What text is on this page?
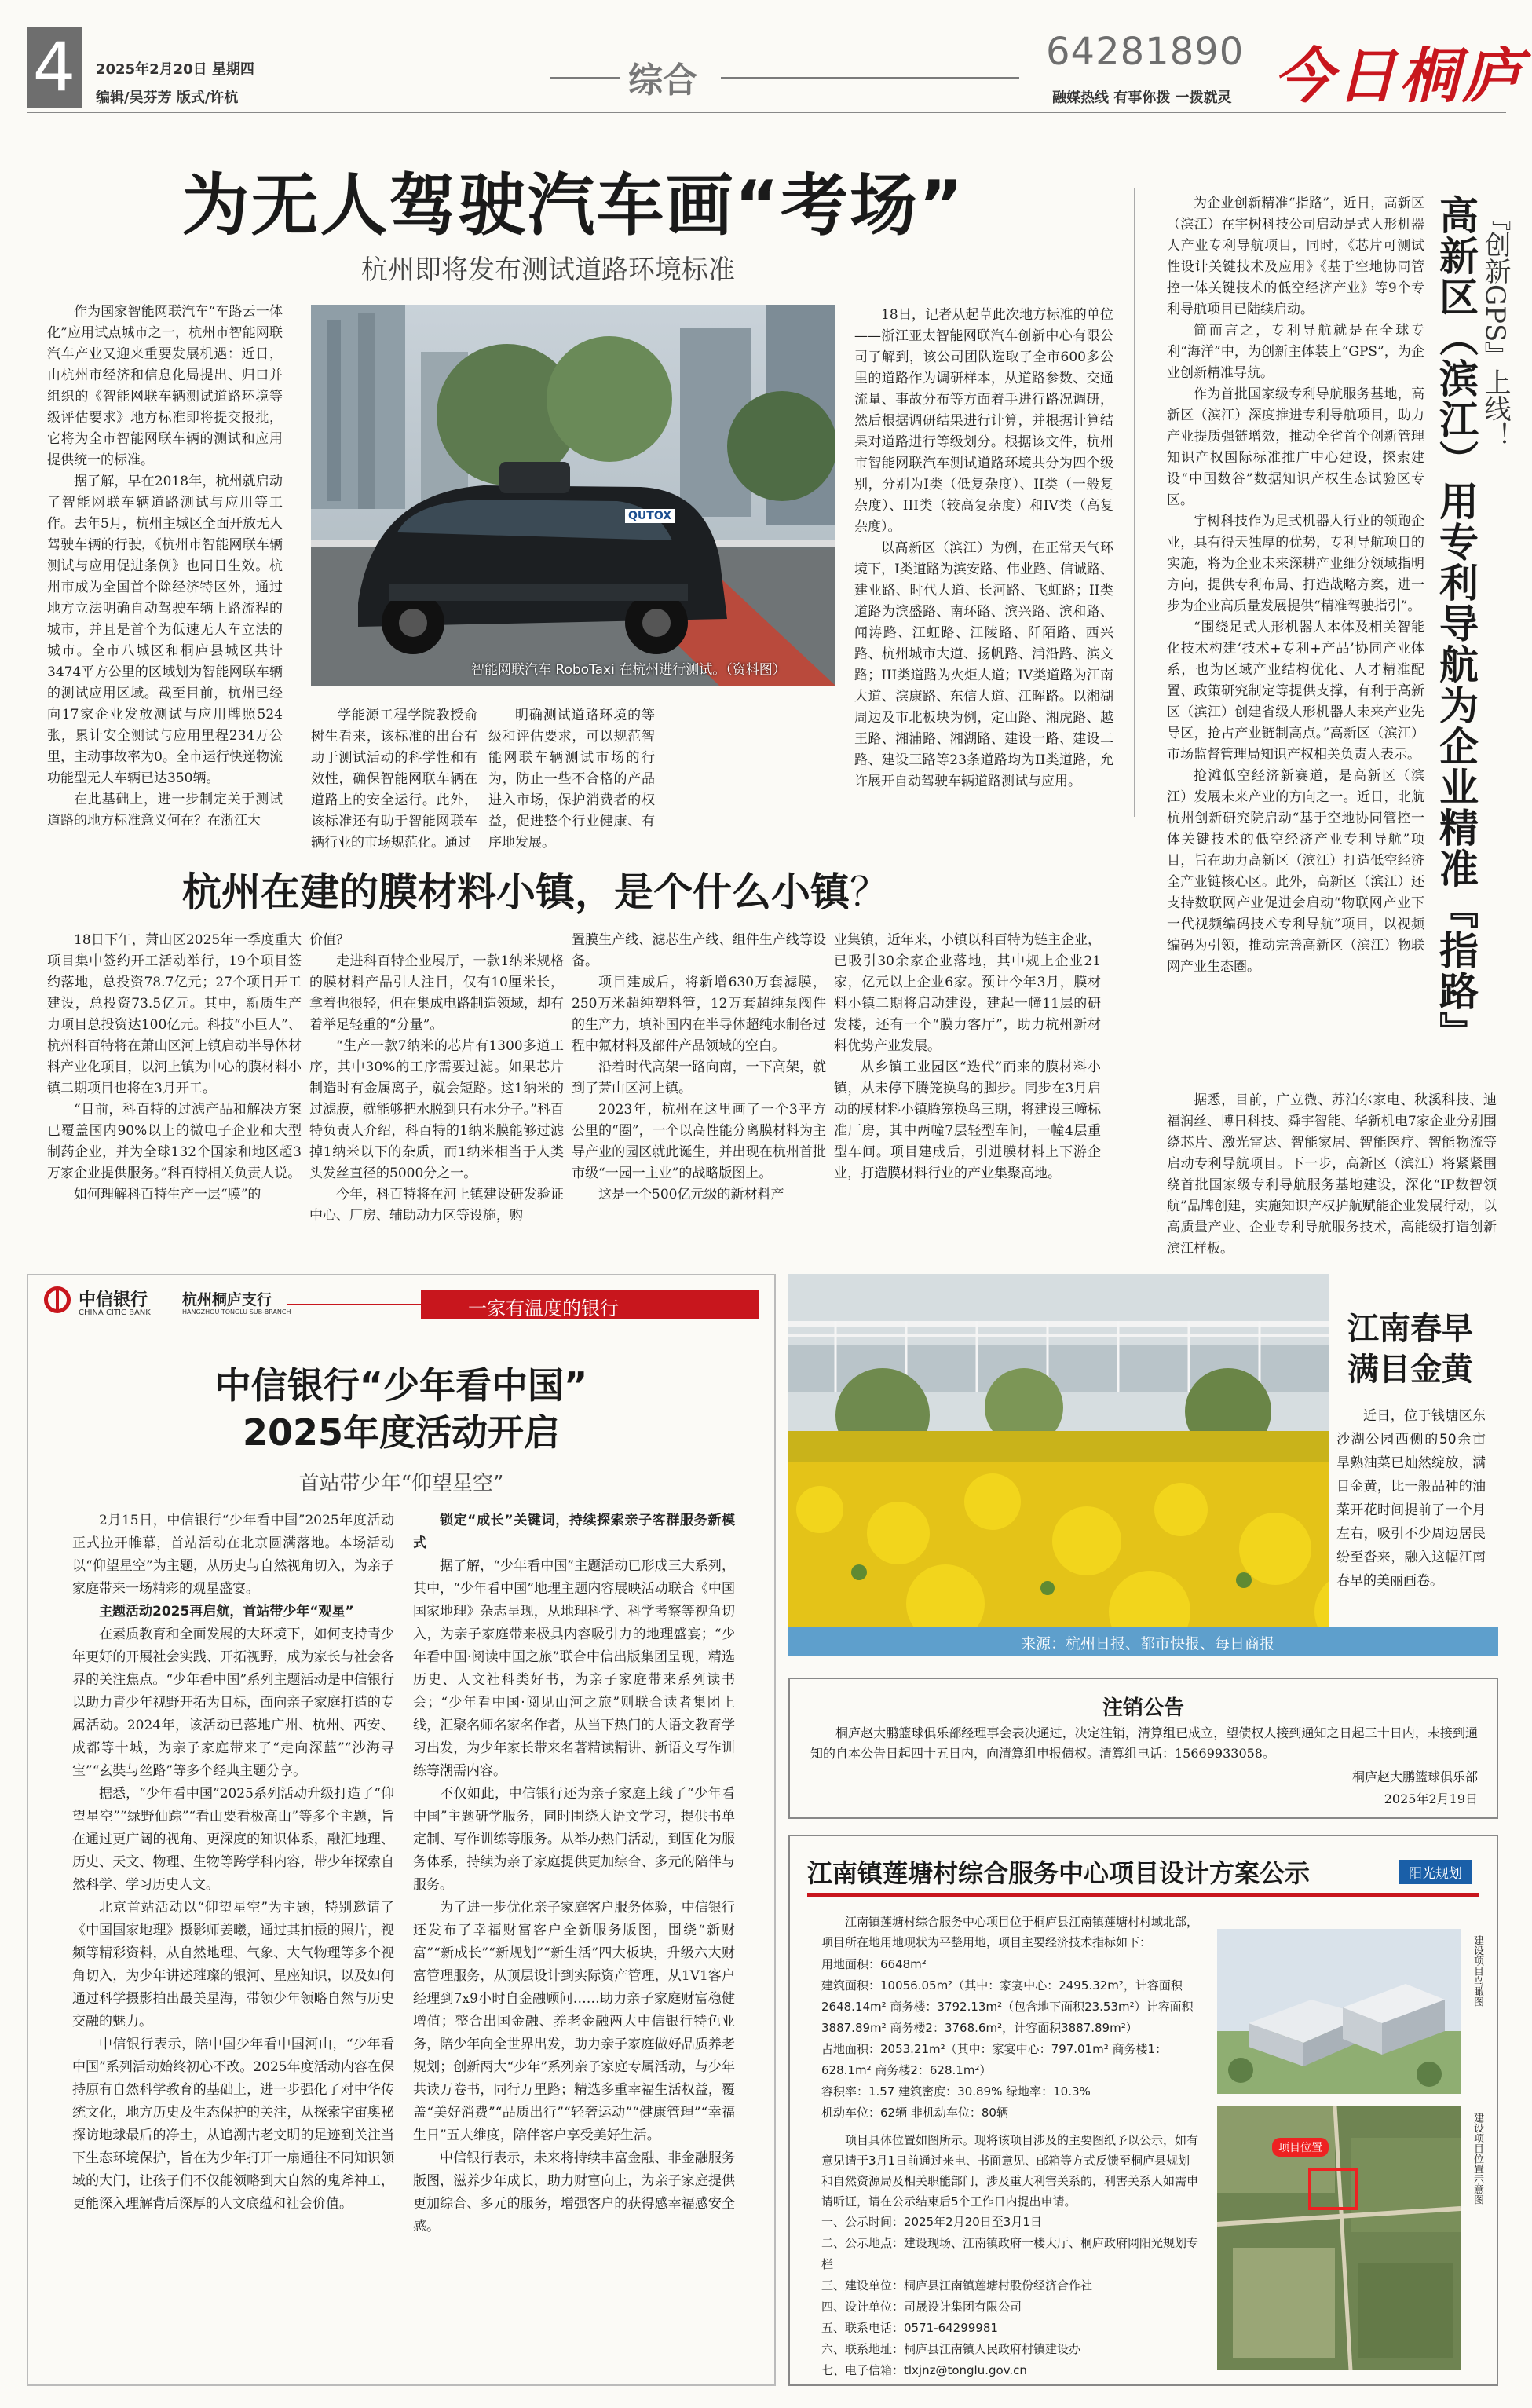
4	2025年2月20日 星期四
编辑/吴芬芳 版式/许杭	综合
64281890
融媒热线 有事你拨 一拨就灵 今日桐庐
为无人驾驶汽车画“考场”
杭州即将发布测试道路环境标准

作为国家智能网联汽车“车路云一体化”应用试点城市之一，杭州市智能网联汽车产业又迎来重要发展机遇：近日，由杭州市经济和信息化局提出、归口并组织的《智能网联车辆测试道路环境等级评估要求》地方标准即将提交报批，它将为全市智能网联车辆的测试和应用提供统一的标准。

据了解，早在2018年，杭州就启动了智能网联车辆道路测试与应用等工作。去年5月，杭州主城区全面开放无人驾驶车辆的行驶，《杭州市智能网联车辆测试与应用促进条例》也同日生效。杭州市成为全国首个除经济特区外，通过地方立法明确自动驾驶车辆上路流程的城市，并且是首个为低速无人车立法的城市。全市八城区和桐庐县城区共计3474平方公里的区域划为智能网联车辆的测试应用区域。截至目前，杭州已经向17家企业发放测试与应用牌照524张，累计安全测试与应用里程234万公里，主动事故率为0。全市运行快递物流功能型无人车辆已达350辆。

在此基础上，进一步制定关于测试道路的地方标准意义何在？在浙江大

QUTOX
智能网联汽车 RoboTaxi 在杭州进行测试。（资料图）

学能源工程学院教授俞树生看来，该标准的出台有助于测试活动的科学性和有效性，确保智能网联车辆在道路上的安全运行。此外，该标准还有助于智能网联车辆行业的市场规范化。通过

明确测试道路环境的等级和评估要求，可以规范智能网联车辆测试市场的行为，防止一些不合格的产品进入市场，保护消费者的权益，促进整个行业健康、有序地发展。

18日，记者从起草此次地方标准的单位——浙江亚太智能网联汽车创新中心有限公司了解到，该公司团队选取了全市600多公里的道路作为调研样本，从道路参数、交通流量、事故分布等方面着手进行路况调研，然后根据调研结果进行计算，并根据计算结果对道路进行等级划分。根据该文件，杭州市智能网联汽车测试道路环境共分为四个级别，分别为I类（低复杂度）、II类（一般复杂度）、III类（较高复杂度）和IV类（高复杂度）。

以高新区（滨江）为例，在正常天气环境下，I类道路为滨安路、伟业路、信诚路、建业路、时代大道、长河路、飞虹路；II类道路为滨盛路、南环路、滨兴路、滨和路、闻涛路、江虹路、江陵路、阡陌路、西兴路、杭州城市大道、扬帆路、浦沿路、滨文路；III类道路为火炬大道；IV类道路为江南大道、滨康路、东信大道、江晖路。以湘湖周边及市北板块为例，定山路、湘虎路、越王路、湘浦路、湘湖路、建设一路、建设二路、建设三路等23条道路均为II类道路，允许展开自动驾驶车辆道路测试与应用。

为企业创新精准“指路”，近日，高新区（滨江）在宇树科技公司启动是式人形机器人产业专利导航项目，同时，《芯片可测试性设计关键技术及应用》《基于空地协同管控一体关键技术的低空经济产业》等9个专利导航项目已陆续启动。

简而言之，专利导航就是在全球专利“海洋”中，为创新主体装上“GPS”，为企业创新精准导航。

作为首批国家级专利导航服务基地，高新区（滨江）深度推进专利导航项目，助力产业提质强链增效，推动全省首个创新管理知识产权国际标准推广中心建设，探索建设“中国数谷”数据知识产权生态试验区专区。

宇树科技作为足式机器人行业的领跑企业，具有得天独厚的优势，专利导航项目的实施，将为企业未来深耕产业细分领域指明方向，提供专利布局、打造战略方案，进一步为企业高质量发展提供“精准驾驶指引”。

“围绕足式人形机器人本体及相关智能化技术构建‘技术+专利+产品’协同产业体系，也为区域产业结构优化、人才精准配置、政策研究制定等提供支撑，有利于高新区（滨江）创建省级人形机器人未来产业先导区，抢占产业链制高点。”高新区（滨江）市场监督管理局知识产权相关负责人表示。

抢滩低空经济新赛道，是高新区（滨江）发展未来产业的方向之一。近日，北航杭州创新研究院启动“基于空地协同管控一体关键技术的低空经济产业专利导航”项目，旨在助力高新区（滨江）打造低空经济全产业链核心区。此外，高新区（滨江）还支持数联网产业促进会启动“物联网产业下一代视频编码技术专利导航”项目，以视频编码为引领，推动完善高新区（滨江）物联网产业生态圈。

据悉，目前，广立微、苏泊尔家电、秋溪科技、迪福润丝、博日科技、舜宇智能、华新机电7家企业分别围绕芯片、激光雷达、智能家居、智能医疗、智能物流等启动专利导航项目。下一步，高新区（滨江）将紧紧围绕首批国家级专利导航服务基地建设，深化“IP数智领航”品牌创建，实施知识产权护航赋能企业发展行动，以高质量产业、企业专利导航服务技术，高能级打造创新滨江样板。

高新区（滨江）用专利导航为企业精准『指路』 『创新GPS』上线！
杭州在建的膜材料小镇，是个什么小镇？

18日下午，萧山区2025年一季度重大项目集中签约开工活动举行，19个项目签约落地，总投资78.7亿元；27个项目开工建设，总投资73.5亿元。其中，新质生产力项目总投资达100亿元。科技“小巨人”、杭州科百特将在萧山区河上镇启动半导体材料产业化项目，以河上镇为中心的膜材料小镇二期项目也将在3月开工。

“目前，科百特的过滤产品和解决方案已覆盖国内90%以上的微电子企业和大型制药企业，并为全球132个国家和地区超3万家企业提供服务。”科百特相关负责人说。

如何理解科百特生产一层“膜”的

价值？

走进科百特企业展厅，一款1纳米规格的膜材料产品引人注目，仅有10厘米长，拿着也很轻，但在集成电路制造领域，却有着举足轻重的“分量”。

“生产一款7纳米的芯片有1300多道工序，其中30%的工序需要过滤。如果芯片制造时有金属离子，就会短路。这1纳米的过滤膜，就能够把水脱到只有水分子。”科百特负责人介绍，科百特的1纳米膜能够过滤掉1纳米以下的杂质，而1纳米相当于人类头发丝直径的5000分之一。

今年，科百特将在河上镇建设研发验证中心、厂房、辅助动力区等设施，购

置膜生产线、滤芯生产线、组件生产线等设备。

项目建成后，将新增630万套滤膜，250万米超纯塑料管，12万套超纯泵阀件的生产力，填补国内在半导体超纯水制备过程中氟材料及部件产品领域的空白。

沿着时代高架一路向南，一下高架，就到了萧山区河上镇。

2023年，杭州在这里画了一个3平方公里的“圈”，一个以高性能分离膜材料为主导产业的园区就此诞生，并出现在杭州首批市级“一园一主业”的战略版图上。

这是一个500亿元级的新材料产

业集镇，近年来，小镇以科百特为链主企业，已吸引30余家企业落地，其中规上企业21家，亿元以上企业6家。预计今年3月，膜材料小镇二期将启动建设，建起一幢11层的研发楼，还有一个“膜力客厅”，助力杭州新材料优势产业发展。

从乡镇工业园区“迭代”而来的膜材料小镇，从未停下腾笼换鸟的脚步。同步在3月启动的膜材料小镇腾笼换鸟三期，将建设三幢标准厂房，其中两幢7层轻型车间，一幢4层重型车间。项目建成后，引进膜材料上下游企业，打造膜材料行业的产业集聚高地。

中信银行
CHINA CITIC BANK
杭州桐庐支行
HANGZHOU TONGLU SUB-BRANCH	一家有温度的银行
中信银行“少年看中国”
2025年度活动开启
首站带少年“仰望星空”

2月15日，中信银行“少年看中国”2025年度活动正式拉开帷幕，首站活动在北京圆满落地。本场活动以“仰望星空”为主题，从历史与自然视角切入，为亲子家庭带来一场精彩的观星盛宴。

主题活动2025再启航，首站带少年“观星”

在素质教育和全面发展的大环境下，如何支持青少年更好的开展社会实践、开拓视野，成为家长与社会各界的关注焦点。“少年看中国”系列主题活动是中信银行以助力青少年视野开拓为目标，面向亲子家庭打造的专属活动。2024年，该活动已落地广州、杭州、西安、成都等十城，为亲子家庭带来了“走向深蓝”“沙海寻宝”“玄奘与丝路”等多个经典主题分享。

据悉，“少年看中国”2025系列活动升级打造了“仰望星空”“绿野仙踪”“看山要看极高山”等多个主题，旨在通过更广阔的视角、更深度的知识体系，融汇地理、历史、天文、物理、生物等跨学科内容，带少年探索自然科学、学习历史人文。

北京首站活动以“仰望星空”为主题，特别邀请了《中国国家地理》摄影师姜曦，通过其拍摄的照片，视频等精彩资料，从自然地理、气象、大气物理等多个视角切入，为少年讲述璀璨的银河、星座知识，以及如何通过科学摄影拍出最美星海，带领少年领略自然与历史交融的魅力。

中信银行表示，陪中国少年看中国河山，“少年看中国”系列活动始终初心不改。2025年度活动内容在保持原有自然科学教育的基础上，进一步强化了对中华传统文化，地方历史及生态保护的关注，从探索宇宙奥秘探访地球最后的净土，从追溯古老文明的足迹到关注当下生态环境保护，旨在为少年打开一扇通往不同知识领域的大门，让孩子们不仅能领略到大自然的鬼斧神工，更能深入理解背后深厚的人文底蕴和社会价值。

锁定“成长”关键词，持续探索亲子客群服务新模式

据了解，“少年看中国”主题活动已形成三大系列，其中，“少年看中国”地理主题内容展映活动联合《中国国家地理》杂志呈现，从地理科学、科学考察等视角切入，为亲子家庭带来极具内容吸引力的地理盛宴；“少年看中国·阅读中国之旅”联合中信出版集团呈现，精选历史、人文社科类好书，为亲子家庭带来系列读书会；“少年看中国·阅见山河之旅”则联合读者集团上线，汇聚名师名家名作者，从当下热门的大语文教育学习出发，为少年家长带来名著精读精讲、新语文写作训练等潮需内容。

不仅如此，中信银行还为亲子家庭上线了“少年看中国”主题研学服务，同时围绕大语文学习，提供书单定制、写作训练等服务。从举办热门活动，到固化为服务体系，持续为亲子家庭提供更加综合、多元的陪伴与服务。

为了进一步优化亲子家庭客户服务体验，中信银行还发布了幸福财富客户全新服务版图，围绕“新财富”“新成长”“新规划”“新生活”四大板块，升级六大财富管理服务，从顶层设计到实际资产管理，从1V1客户经理到7x9小时自金融顾问……助力亲子家庭财富稳健增值；整合出国金融、养老金融两大中信银行特色业务，陪少年向全世界出发，助力亲子家庭做好品质养老规划；创新两大“少年”系列亲子家庭专属活动，与少年共读万卷书，同行万里路；精选多重幸福生活权益，覆盖“美好消费”“品质出行”“轻奢运动”“健康管理”“幸福生日”五大维度，陪伴客户享受美好生活。

中信银行表示，未来将持续丰富金融、非金融服务版图，滋养少年成长，助力财富向上，为亲子家庭提供更加综合、多元的服务，增强客户的获得感幸福感安全感。

江南春早
满目金黄
近日，位于钱塘区东沙湖公园西侧的50余亩旱熟油菜已灿然绽放，满目金黄，比一般品种的油菜开花时间提前了一个月左右，吸引不少周边居民纷至沓来，融入这幅江南春早的美丽画卷。
来源：杭州日报、都市快报、每日商报
注销公告
桐庐赵大鹏篮球俱乐部经理事会表决通过，决定注销，清算组已成立，望债权人接到通知之日起三十日内，未接到通知的自本公告日起四十五日内，向清算组申报债权。清算组电话：15669933058。
桐庐赵大鹏篮球俱乐部
2025年2月19日
江南镇莲塘村综合服务中心项目设计方案公示	阳光规划
江南镇莲塘村综合服务中心项目位于桐庐县江南镇莲塘村村域北部，项目所在地用地现状为平整用地，项目主要经济技术指标如下：
用地面积：6648m²
建筑面积：10056.05m²（其中：家宴中心：2495.32m²，计容面积2648.14m² 商务楼：3792.13m²（包含地下面积23.53m²）计容面积3887.89m² 商务楼2：3768.6m²，计容面积3887.89m²）
占地面积：2053.21m²（其中：家宴中心：797.01m² 商务楼1：628.1m² 商务楼2：628.1m²）
容积率：1.57 建筑密度：30.89% 绿地率：10.3%
机动车位：62辆 非机动车位：80辆
项目具体位置如图所示。现将该项目涉及的主要图纸予以公示，如有意见请于3月1日前通过来电、书面意见、邮箱等方式反馈至桐庐县规划和自然资源局及相关职能部门，涉及重大利害关系的，利害关系人如需申请听证，请在公示结束后5个工作日内提出申请。
一、公示时间：2025年2月20日至3月1日
二、公示地点：建设现场、江南镇政府一楼大厅、桐庐政府网阳光规划专栏
三、建设单位：桐庐县江南镇莲塘村股份经济合作社
四、设计单位：司晟设计集团有限公司
五、联系电话：0571-64299981
六、联系地址：桐庐县江南镇人民政府村镇建设办
七、电子信箱：tlxjnz@tonglu.gov.cn
建设项目鸟瞰图
项目位置	建设项目位置示意图
